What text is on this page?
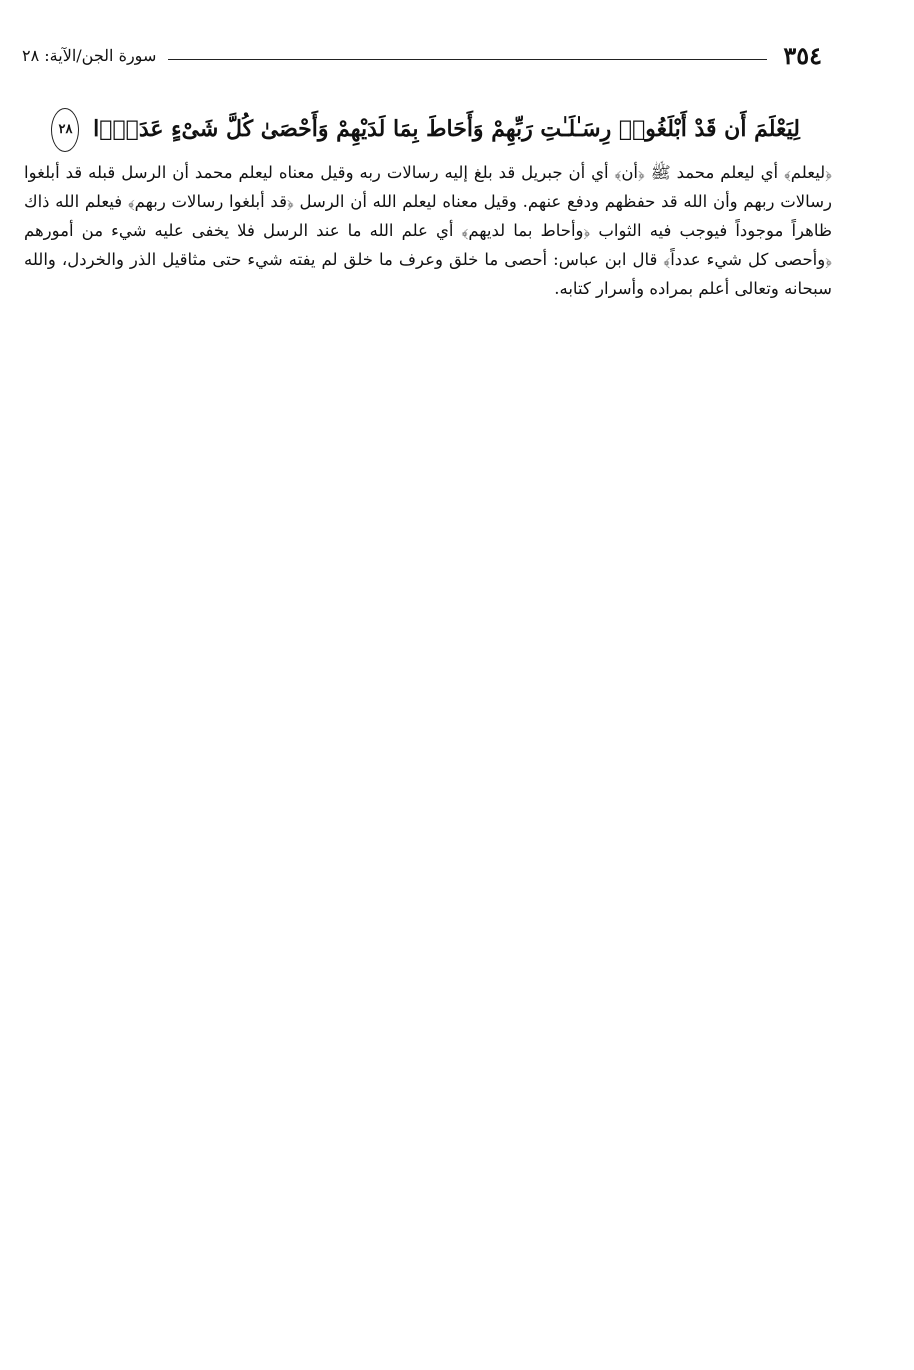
٣٥٤
سورة الجن/الآية: ٢٨
لِيَعْلَمَ أَن قَدْ أَبْلَغُوا۟ رِسَـٰلَـٰتِ رَبِّهِمْ وَأَحَاطَ بِمَا لَدَيْهِمْ وَأَحْصَىٰ كُلَّ شَىْءٍ عَدَدًۢا ٢٨

﴿ليعلم﴾ أي ليعلم محمد ﷺ ﴿أن﴾ أي أن جبريل قد بلغ إليه رسالات ربه وقيل معناه ليعلم محمد أن الرسل قبله قد أبلغوا رسالات ربهم وأن الله قد حفظهم ودفع عنهم. وقيل معناه ليعلم الله أن الرسل ﴿قد أبلغوا رسالات ربهم﴾ فيعلم الله ذاك ظاهراً موجوداً فيوجب فيه الثواب ﴿وأحاط بما لديهم﴾ أي علم الله ما عند الرسل فلا يخفى عليه شيء من أمورهم ﴿وأحصى كل شيء عدداً﴾ قال ابن عباس: أحصى ما خلق وعرف ما خلق لم يفته شيء حتى مثاقيل الذر والخردل، والله سبحانه وتعالى أعلم بمراده وأسرار كتابه.
